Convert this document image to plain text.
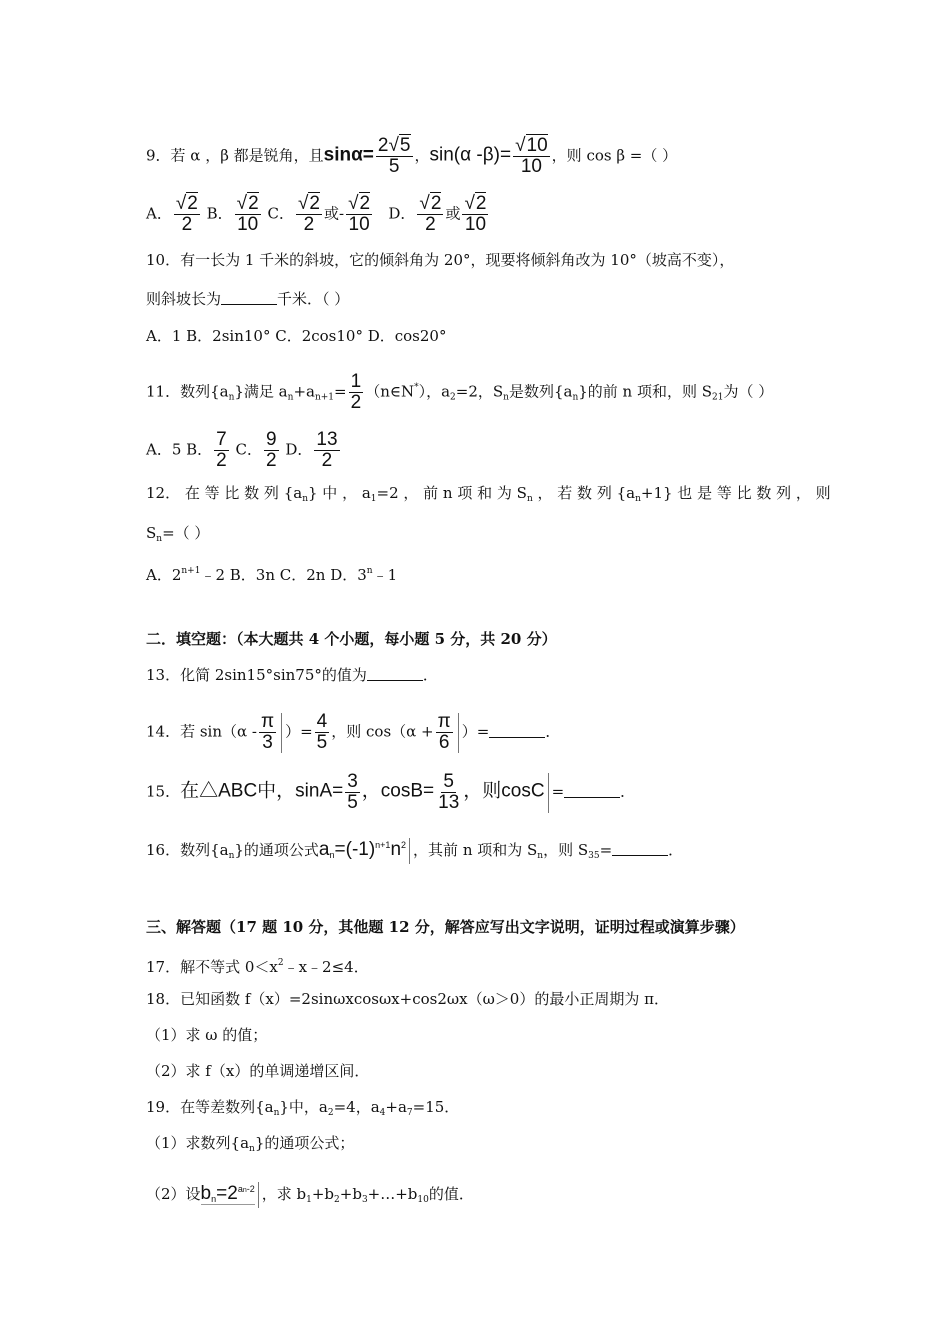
9．若 α ，β 都是锐角，且$\sin\alpha= \frac{2√5}{5}$ ，sin(α $-\beta)= \frac{√10}{10}$ ，则 cos β =（ ）
A． $\frac{√2}{2}$ B． $\frac{√2}{10}$ C． $\frac{√2}{2}$ 或- $\frac{√2}{10}$ D． $\frac{√2}{2}$ 或 $\frac{√2}{10}$
10．有一长为 1 千米的斜坡，它的倾斜角为 20°，现要将倾斜角改为 10°（坡高不变），
则斜坡长为	千米．（ ）
A．1 B．2sin10° C．2cos10° D．cos20°
11．数列$\{a_n\}$满足 $a_n+a_{n+1}= \frac{1}{2}$ （n∈N*），$a_2=2$，$S_n$是数列$\{a_n\}$的前 n 项和，则 $S_{21}$为（ ）
A．5 B． $\frac{7}{2}$ C． $\frac{9}{2}$ D． $\frac{13}{2}$
12． 在 等 比 数 列 $\{a_n\}$ 中 ， $a_1=2$ ， 前 n 项 和 为 $S_n$ ， 若 数 列 $\{a_n+1\}$ 也 是 等 比 数 列 ， 则
$S_n=$（ ）
A．$2^{n+1}﹣2$ B．3n C．2n D．3$^n$﹣1
二．填空题：（本大题共 4 个小题，每小题 5 分，共 20 分）
13．化简 2sin15°sin75°的值为	．
14．若 $\sin(\alpha - \frac{\pi}{3}$ ）= $\frac{4}{5}$ ，则 $\cos(\alpha + \frac{\pi}{6}$ ）=	．
15．在△ABC中，$\sin A= \frac{3}{5}$ ，$\cos B= \frac{5}{13}$ ，则cosC =	．
16．数列$\{a_n\}$的通项公式$a_n=(-1)^{n+1}n^2$ ，其前 n 项和为 $S_n$，则 $S_{35}=$	．
三、解答题（17 题 10 分，其他题 12 分，解答应写出文字说明，证明过程或演算步骤）
17．解不等式 $0<x^2﹣x﹣2\le 4$．
18．已知函数 f（x）=2sinωxcosωx+cos2ωx（ω＞0）的最小正周期为 π．
（1）求 ω 的值；
（2）求 f（x）的单调递增区间．
19．在等差数列$\{a_n\}$中，$a_2=4$，$a_4+a_7=15$．
（1）求数列$\{a_n\}$的通项公式；
（2）设$b_n=2^{an-2}$ ，求 $b_1+b_2+b_3+\dots+b_{10}$的值．
